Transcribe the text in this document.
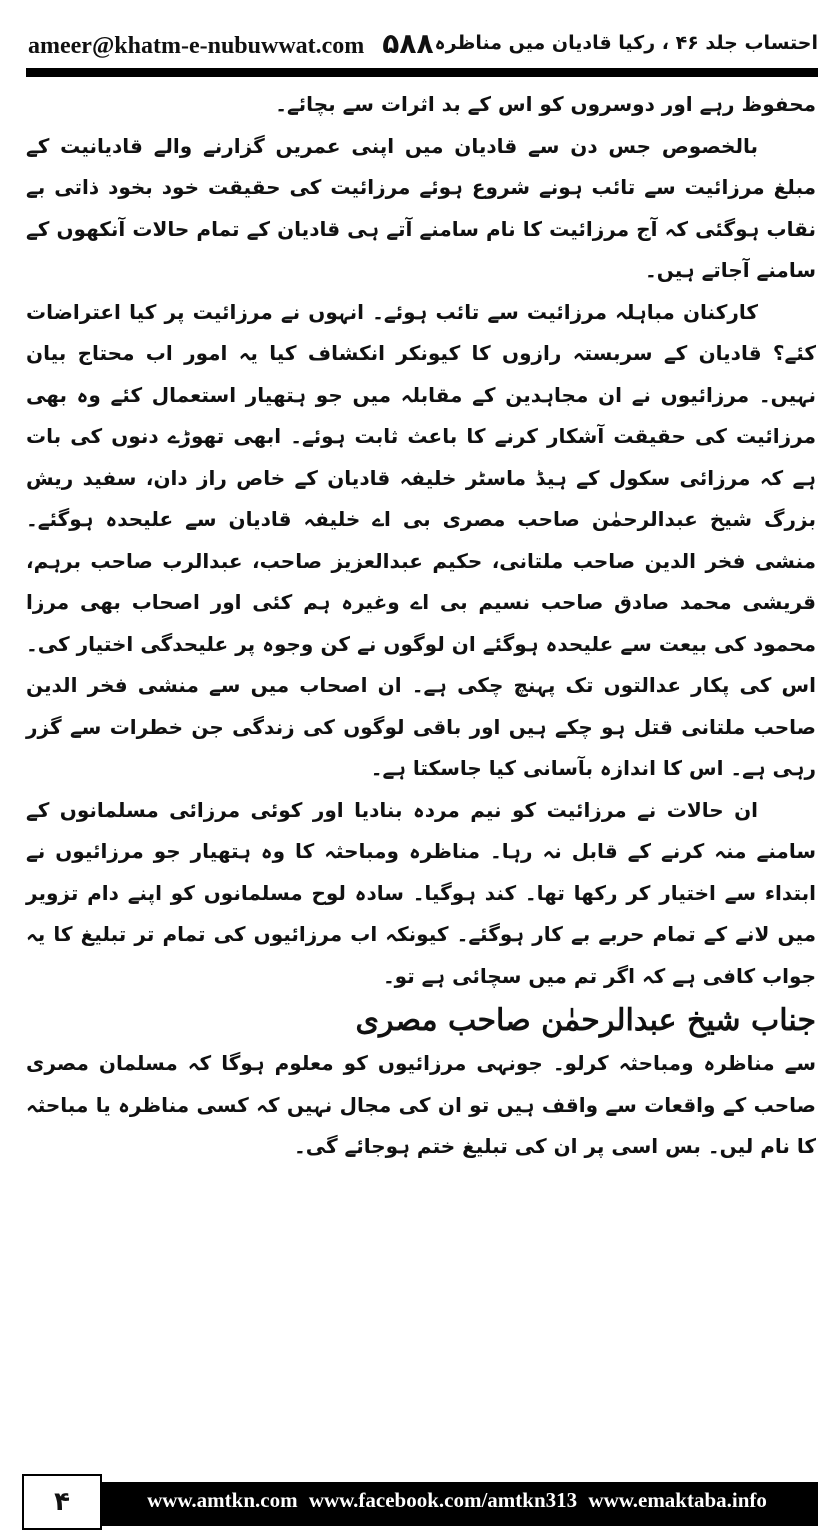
ameer@khatm-e-nubuwwat.com ۵۸۸ احتساب جلد ۴۶ ، رکیا قادیان میں مناظرہ

محفوظ رہے اور دوسروں کو اس کے بد اثرات سے بچائے۔

بالخصوص جس دن سے قادیان میں اپنی عمریں گزارنے والے قادیانیت کے مبلغ مرزائیت سے تائب ہونے شروع ہوئے مرزائیت کی حقیقت خود بخود ذاتی بے نقاب ہوگئی کہ آج مرزائیت کا نام سامنے آتے ہی قادیان کے تمام حالات آنکھوں کے سامنے آجاتے ہیں۔

کارکنان مباہلہ مرزائیت سے تائب ہوئے۔ انہوں نے مرزائیت پر کیا اعتراضات کئے؟ قادیان کے سربستہ رازوں کا کیونکر انکشاف کیا یہ امور اب محتاج بیان نہیں۔ مرزائیوں نے ان مجاہدین کے مقابلہ میں جو ہتھیار استعمال کئے وہ بھی مرزائیت کی حقیقت آشکار کرنے کا باعث ثابت ہوئے۔ ابھی تھوڑے دنوں کی بات ہے کہ مرزائی سکول کے ہیڈ ماسٹر خلیفہ قادیان کے خاص راز دان، سفید ریش بزرگ شیخ عبدالرحمٰن صاحب مصری بی اے خلیفہ قادیان سے علیحدہ ہوگئے۔ منشی فخر الدین صاحب ملتانی، حکیم عبدالعزیز صاحب، عبدالرب صاحب برہم، قریشی محمد صادق صاحب نسیم بی اے وغیرہ ہم کئی اور اصحاب بھی مرزا محمود کی بیعت سے علیحدہ ہوگئے ان لوگوں نے کن وجوہ پر علیحدگی اختیار کی۔ اس کی پکار عدالتوں تک پہنچ چکی ہے۔ ان اصحاب میں سے منشی فخر الدین صاحب ملتانی قتل ہو چکے ہیں اور باقی لوگوں کی زندگی جن خطرات سے گزر رہی ہے۔ اس کا اندازہ بآسانی کیا جاسکتا ہے۔

ان حالات نے مرزائیت کو نیم مردہ بنادیا اور کوئی مرزائی مسلمانوں کے سامنے منہ کرنے کے قابل نہ رہا۔ مناظرہ ومباحثہ کا وہ ہتھیار جو مرزائیوں نے ابتداء سے اختیار کر رکھا تھا۔ کند ہوگیا۔ سادہ لوح مسلمانوں کو اپنے دام تزویر میں لانے کے تمام حربے بے کار ہوگئے۔ کیونکہ اب مرزائیوں کی تمام تر تبلیغ کا یہ جواب کافی ہے کہ اگر تم میں سچائی ہے تو۔

جناب شیخ عبدالرحمٰن صاحب مصری

سے مناظرہ ومباحثہ کرلو۔ جونہی مرزائیوں کو معلوم ہوگا کہ مسلمان مصری صاحب کے واقعات سے واقف ہیں تو ان کی مجال نہیں کہ کسی مناظرہ یا مباحثہ کا نام لیں۔ بس اسی پر ان کی تبلیغ ختم ہوجائے گی۔

www.amtkn.com www.facebook.com/amtkn313 www.emaktaba.info
۴
